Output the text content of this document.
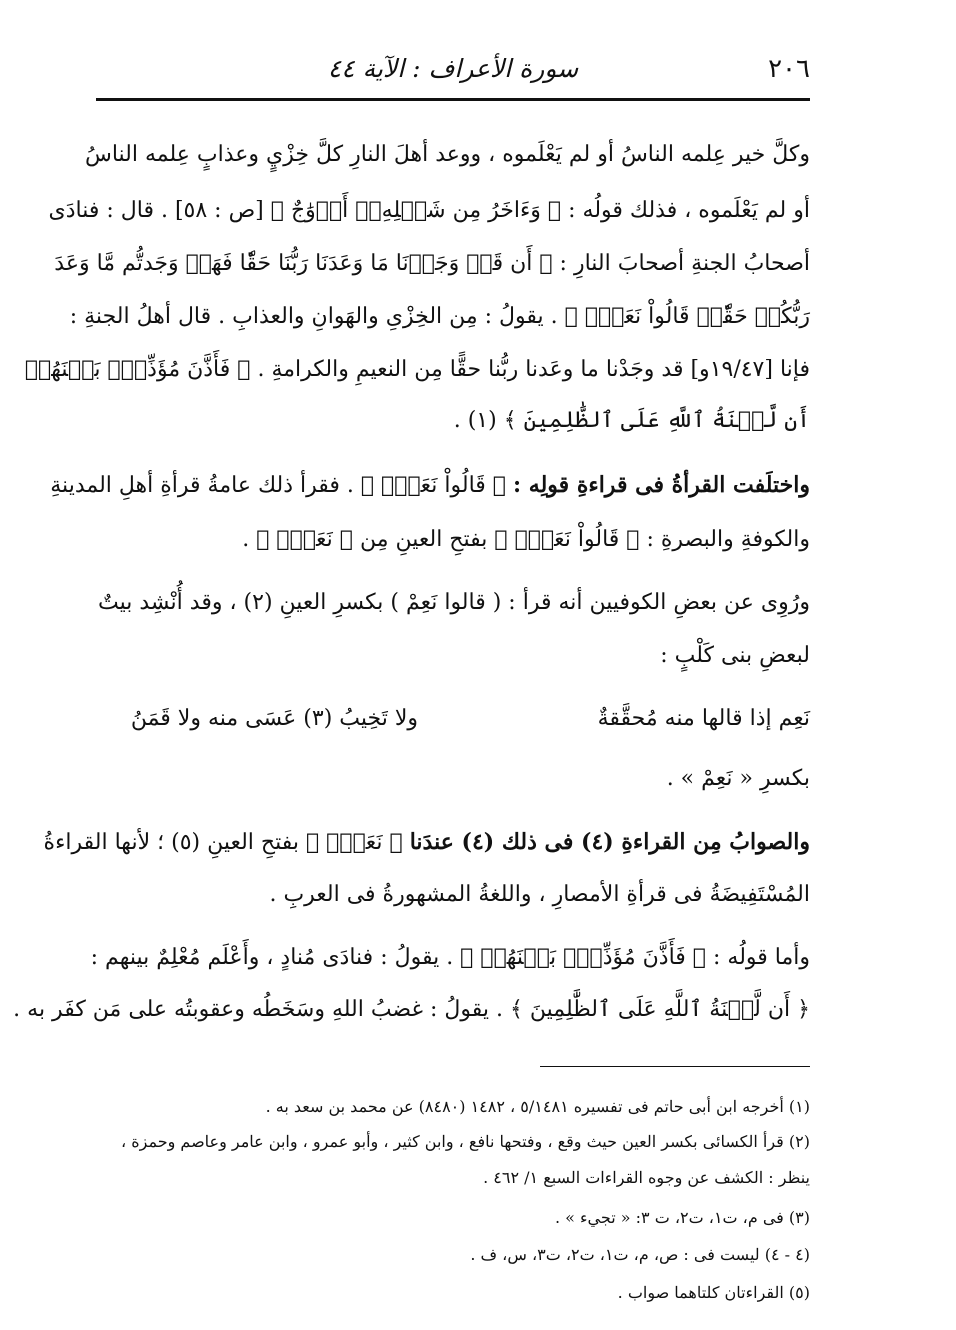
٢٠٦
سورة الأعراف : الآية ٤٤
وكلَّ خير عِلمه الناسُ أو لم يَعْلَموه ، ووعد أهلَ النارِ كلَّ خِزْيٍ وعذابٍ عِلمه الناسُ
أو لم يَعْلَموه ، فذلك قولُه : ﴿ وَءَاخَرُ مِن شَكۡلِهِۦٓ أَزۡوَٰجٌ ﴾ [ص : ٥٨] . قال : فنادَى
أصحابُ الجنةِ أصحابَ النارِ : ﴿ أَن قَدۡ وَجَدۡنَا مَا وَعَدَنَا رَبُّنَا حَقّٗا فَهَلۡ وَجَدتُّم مَّا وَعَدَ
رَبُّكُمۡ حَقّٗاۖ قَالُواْ نَعَمۡۚ ﴾ . يقولُ : مِن الخِزْىِ والهَوانِ والعذابِ . قال أهلُ الجنةِ :
فإنا [١٩/٤٧و] قد وجَدْنا ما وعَدنا ربُّنا حقًّا مِن النعيمِ والكرامةِ . ﴿ فَأَذَّنَ مُؤَذِّنُۢ بَيۡنَهُمۡ
أَن لَّعۡنَةُ ٱللَّهِ عَلَى ٱلظَّٰلِمِينَ ﴾ (١) .
واختلَفت القرأةُ فى قراءةِ قولِه : ﴿ قَالُواْ نَعَمۡۚ ﴾ . فقرأ ذلك عامةُ قرأةِ أهلِ المدينةِ
والكوفةِ والبصرةِ : ﴿ قَالُواْ نَعَمۡۚ ﴾ بفتحِ العينِ مِن ﴿ نَعَمۡۚ ﴾ .
ورُوِى عن بعضِ الكوفيين أنه قرأ : ( قالوا نَعِمْ ) بكسرِ العينِ (٢) ، وقد أُنْشِد بيتٌ
لبعضِ بنى كَلْبٍ :
نَعِم إذا قالها منه مُحقَّقةٌ
ولا تَخِيبُ (٣) عَسَى منه ولا قَمَنُ
بكسرِ « نَعِمْ » .
والصوابُ مِن القراءةِ (٤) فى ذلك (٤) عندَنا ﴿ نَعَمۡۚ ﴾ بفتحِ العينِ (٥) ؛ لأنها القراءةُ
المُسْتَفِيضَةُ فى قرأةِ الأمصارِ ، واللغةُ المشهورةُ فى العربِ .
وأما قولُه : ﴿ فَأَذَّنَ مُؤَذِّنُۢ بَيۡنَهُمۡ ﴾ . يقولُ : فنادَى مُنادٍ ، وأَعْلَم مُعْلِمٌ بينهم :
﴿ أَن لَّعۡنَةُ ٱللَّهِ عَلَى ٱلظَّٰلِمِينَ ﴾ . يقولُ : غضبُ اللهِ وسَخَطُه وعقوبتُه على مَن كفَر به .
(١) أخرجه ابن أبى حاتم فى تفسيره ٥/١٤٨١ ، ١٤٨٢ (٨٤٨٠) عن محمد بن سعد به .
(٢) قرأ الكسائى بكسر العين حيث وقع ، وفتحها نافع ، وابن كثير ، وأبو عمرو ، وابن عامر وعاصم وحمزة ،
ينظر : الكشف عن وجوه القراءات السبع ١/ ٤٦٢ .
(٣) فى م، ت١، ت٢، ت ٣: « تجيء » .
(٤ - ٤) ليست فى : ص، م، ت١، ت٢، ت٣، س، ف .
(٥) القراءتان كلتاهما صواب .
